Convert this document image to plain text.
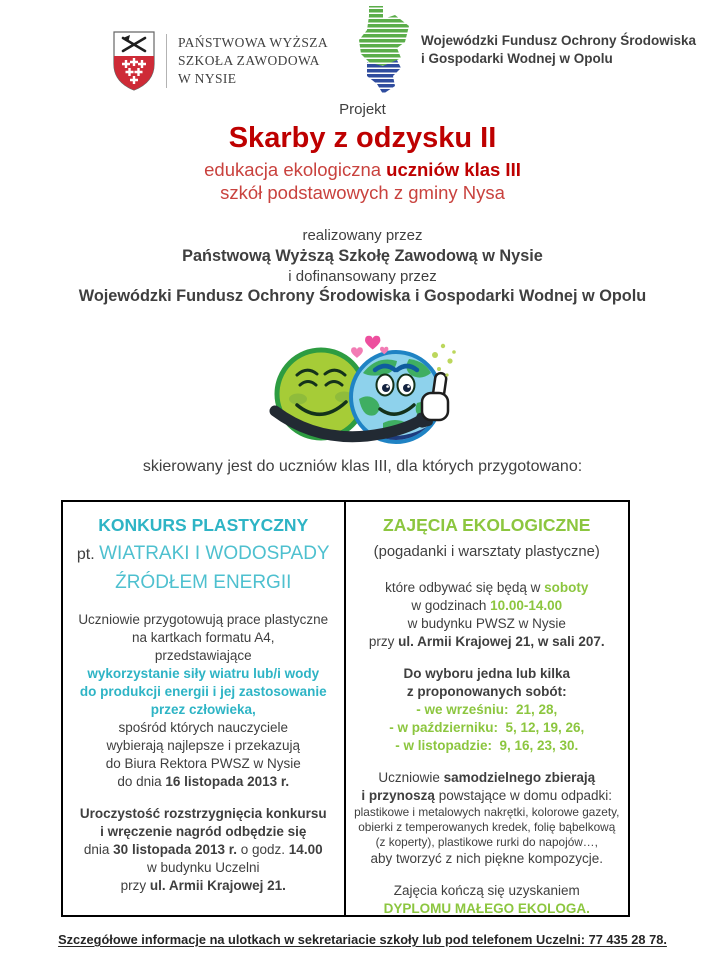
PAŃSTWOWA WYŻSZA
SZKOŁA ZAWODOWA
W NYSIE
Wojewódzki Fundusz Ochrony Środowiska
i Gospodarki Wodnej w Opolu
Projekt
Skarby z odzysku II
edukacja ekologiczna uczniów klas III
szkół podstawowych z gminy Nysa
realizowany przez
Państwową Wyższą Szkołę Zawodową w Nysie
i dofinansowany przez
Wojewódzki Fundusz Ochrony Środowiska i Gospodarki Wodnej w Opolu
skierowany jest do uczniów klas III, dla których przygotowano:
KONKURS PLASTYCZNY
pt. WIATRAKI I WODOSPADY
ŹRÓDŁEM ENERGII
Uczniowie przygotowują prace plastyczne
na kartkach formatu A4,
przedstawiające
wykorzystanie siły wiatru lub/i wody
do produkcji energii i jej zastosowanie
przez człowieka,
spośród których nauczyciele
wybierają najlepsze i przekazują
do Biura Rektora PWSZ w Nysie
do dnia 16 listopada 2013 r.
Uroczystość rozstrzygnięcia konkursu
i wręczenie nagród odbędzie się
dnia 30 listopada 2013 r. o godz. 14.00
w budynku Uczelni
przy ul. Armii Krajowej 21.
ZAJĘCIA EKOLOGICZNE
(pogadanki i warsztaty plastyczne)
które odbywać się będą w soboty
w godzinach 10.00-14.00
w budynku PWSZ w Nysie
przy ul. Armii Krajowej 21, w sali 207.
Do wyboru jedna lub kilka
z proponowanych sobót:
- we wrześniu:  21, 28,
- w październiku:  5, 12, 19, 26,
- w listopadzie:  9, 16, 23, 30.
Uczniowie samodzielnego zbierają
i przynoszą powstające w domu odpadki:
plastikowe i metalowych nakrętki, kolorowe gazety,
obierki z temperowanych kredek, folię bąbelkową
(z koperty), plastikowe rurki do napojów…,
aby tworzyć z nich piękne kompozycje.
Zajęcia kończą się uzyskaniem
DYPLOMU MAŁEGO EKOLOGA.
Szczegółowe informacje na ulotkach w sekretariacie szkoły lub pod telefonem Uczelni: 77 435 28 78.
